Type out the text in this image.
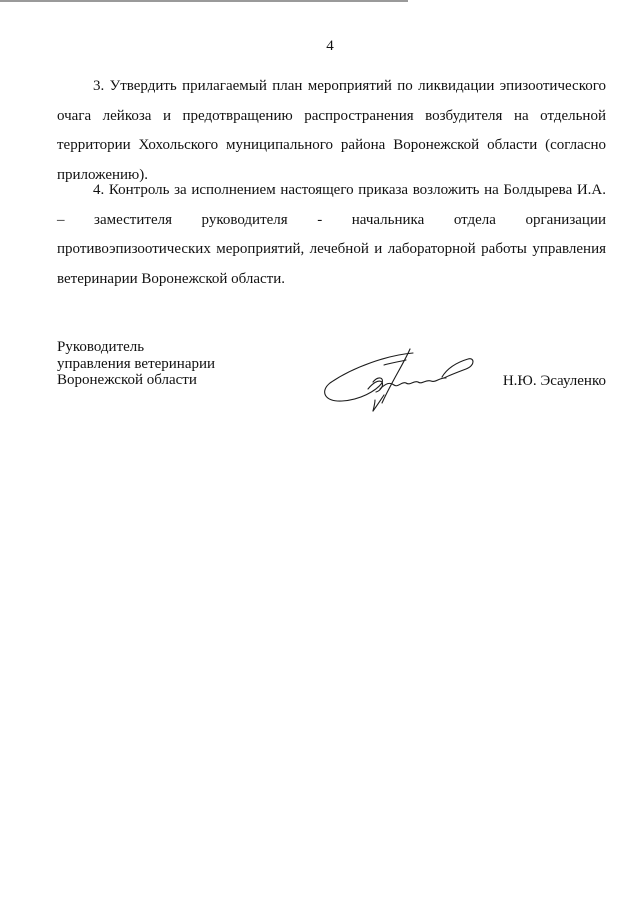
4

3. Утвердить прилагаемый план мероприятий по ликвидации эпизоотического очага лейкоза и предотвращению распространения возбудителя на отдельной территории Хохольского муниципального района Воронежской области (согласно приложению).

4. Контроль за исполнением настоящего приказа возложить на Болдырева И.А. – заместителя руководителя - начальника отдела организации противоэпизоотических мероприятий, лечебной и лабораторной работы управления ветеринарии Воронежской области.

Руководитель
управления ветеринарии
Воронежской области	Н.Ю. Эсауленко
